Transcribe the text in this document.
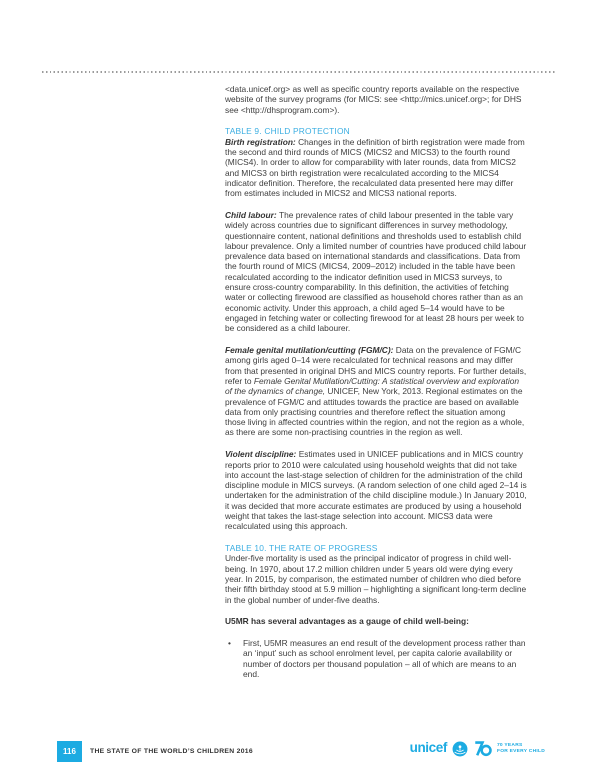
<data.unicef.org> as well as specific country reports available on the respective website of the survey programs (for MICS: see <http://mics.unicef.org>; for DHS see <http://dhsprogram.com>).

TABLE 9. CHILD PROTECTION

Birth registration: Changes in the definition of birth registration were made from the second and third rounds of MICS (MICS2 and MICS3) to the fourth round (MICS4). In order to allow for comparability with later rounds, data from MICS2 and MICS3 on birth registration were recalculated according to the MICS4 indicator definition. Therefore, the recalculated data presented here may differ from estimates included in MICS2 and MICS3 national reports.

Child labour: The prevalence rates of child labour presented in the table vary widely across countries due to significant differences in survey methodology, questionnaire content, national definitions and thresholds used to establish child labour prevalence. Only a limited number of countries have produced child labour prevalence data based on international standards and classifications. Data from the fourth round of MICS (MICS4, 2009–2012) included in the table have been recalculated according to the indicator definition used in MICS3 surveys, to ensure cross-country comparability. In this definition, the activities of fetching water or collecting firewood are classified as household chores rather than as an economic activity. Under this approach, a child aged 5–14 would have to be engaged in fetching water or collecting firewood for at least 28 hours per week to be considered as a child labourer.

Female genital mutilation/cutting (FGM/C): Data on the prevalence of FGM/C among girls aged 0–14 were recalculated for technical reasons and may differ from that presented in original DHS and MICS country reports. For further details, refer to Female Genital Mutilation/Cutting: A statistical overview and exploration of the dynamics of change, UNICEF, New York, 2013. Regional estimates on the prevalence of FGM/C and attitudes towards the practice are based on available data from only practising countries and therefore reflect the situation among those living in affected countries within the region, and not the region as a whole, as there are some non-practising countries in the region as well.

Violent discipline: Estimates used in UNICEF publications and in MICS country reports prior to 2010 were calculated using household weights that did not take into account the last-stage selection of children for the administration of the child discipline module in MICS surveys. (A random selection of one child aged 2–14 is undertaken for the administration of the child discipline module.) In January 2010, it was decided that more accurate estimates are produced by using a household weight that takes the last-stage selection into account. MICS3 data were recalculated using this approach.

TABLE 10. THE RATE OF PROGRESS

Under-five mortality is used as the principal indicator of progress in child well-being. In 1970, about 17.2 million children under 5 years old were dying every year. In 2015, by comparison, the estimated number of children who died before their fifth birthday stood at 5.9 million – highlighting a significant long-term decline in the global number of under-five deaths.

U5MR has several advantages as a gauge of child well-being:

•	First, U5MR measures an end result of the development process rather than an ‘input’ such as school enrolment level, per capita calorie availability or number of doctors per thousand population – all of which are means to an end.
116	THE STATE OF THE WORLD’S CHILDREN 2016	unicef	70 YEARS
FOR EVERY CHILD
